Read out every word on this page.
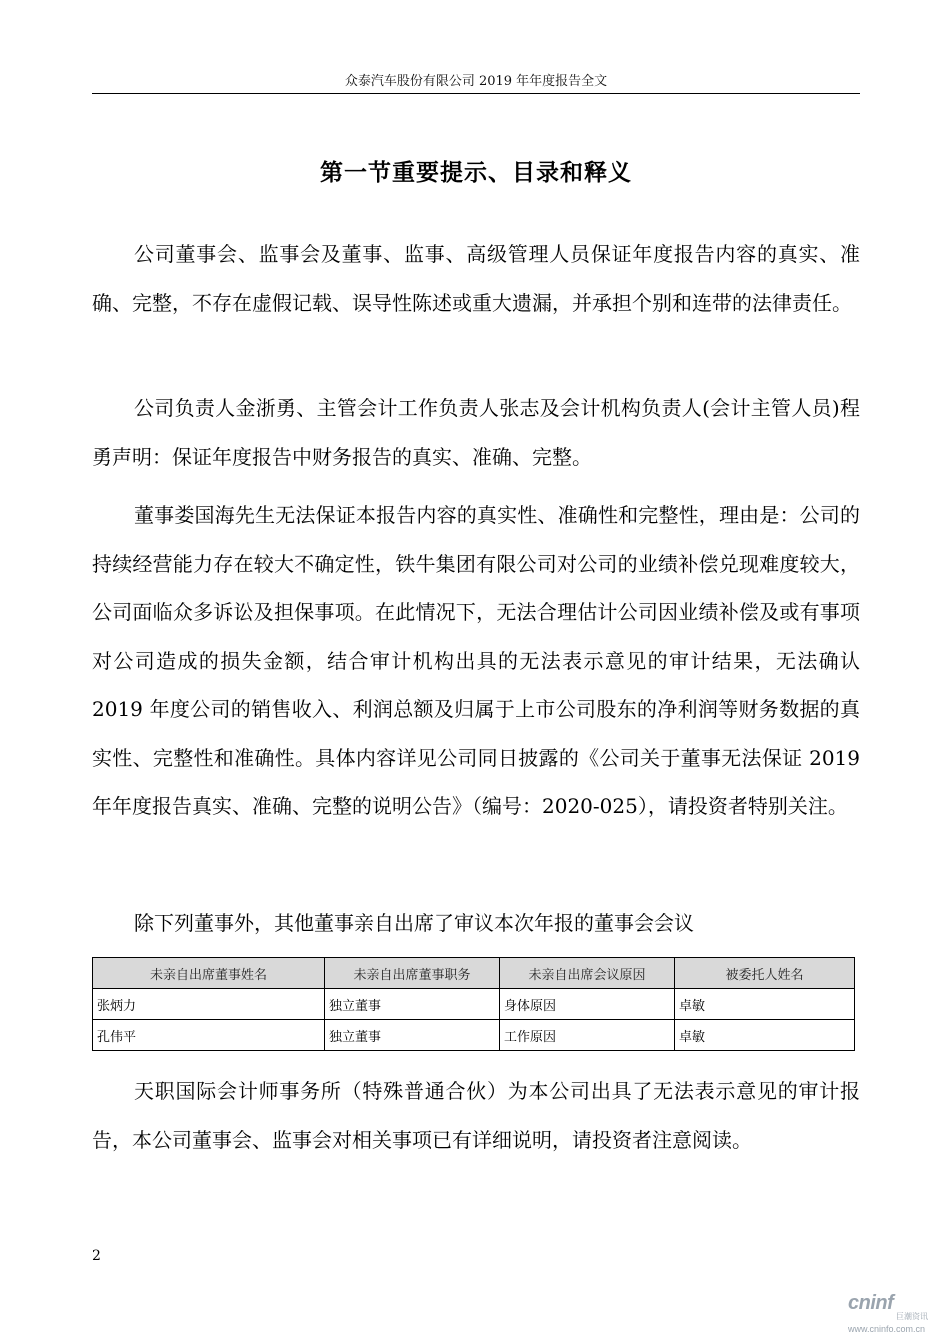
众泰汽车股份有限公司 2019 年年度报告全文
第一节重要提示、目录和释义

公司董事会、监事会及董事、监事、高级管理人员保证年度报告内容的真实、准确、完整，不存在虚假记载、误导性陈述或重大遗漏，并承担个别和连带的法律责任。

公司负责人金浙勇、主管会计工作负责人张志及会计机构负责人(会计主管人员)程勇声明：保证年度报告中财务报告的真实、准确、完整。

董事娄国海先生无法保证本报告内容的真实性、准确性和完整性，理由是：公司的持续经营能力存在较大不确定性，铁牛集团有限公司对公司的业绩补偿兑现难度较大，公司面临众多诉讼及担保事项。在此情况下，无法合理估计公司因业绩补偿及或有事项对公司造成的损失金额，结合审计机构出具的无法表示意见的审计结果，无法确认 2019 年度公司的销售收入、利润总额及归属于上市公司股东的净利润等财务数据的真实性、完整性和准确性。具体内容详见公司同日披露的《公司关于董事无法保证 2019 年年度报告真实、准确、完整的说明公告》（编号：2020-025），请投资者特别关注。

除下列董事外，其他董事亲自出席了审议本次年报的董事会会议

未亲自出席董事姓名	未亲自出席董事职务	未亲自出席会议原因	被委托人姓名
张炳力	独立董事	身体原因	卓敏
孔伟平	独立董事	工作原因	卓敏

天职国际会计师事务所（特殊普通合伙）为本公司出具了无法表示意见的审计报告，本公司董事会、监事会对相关事项已有详细说明，请投资者注意阅读。

2
cninf
巨潮资讯
www.cninfo.com.cn
